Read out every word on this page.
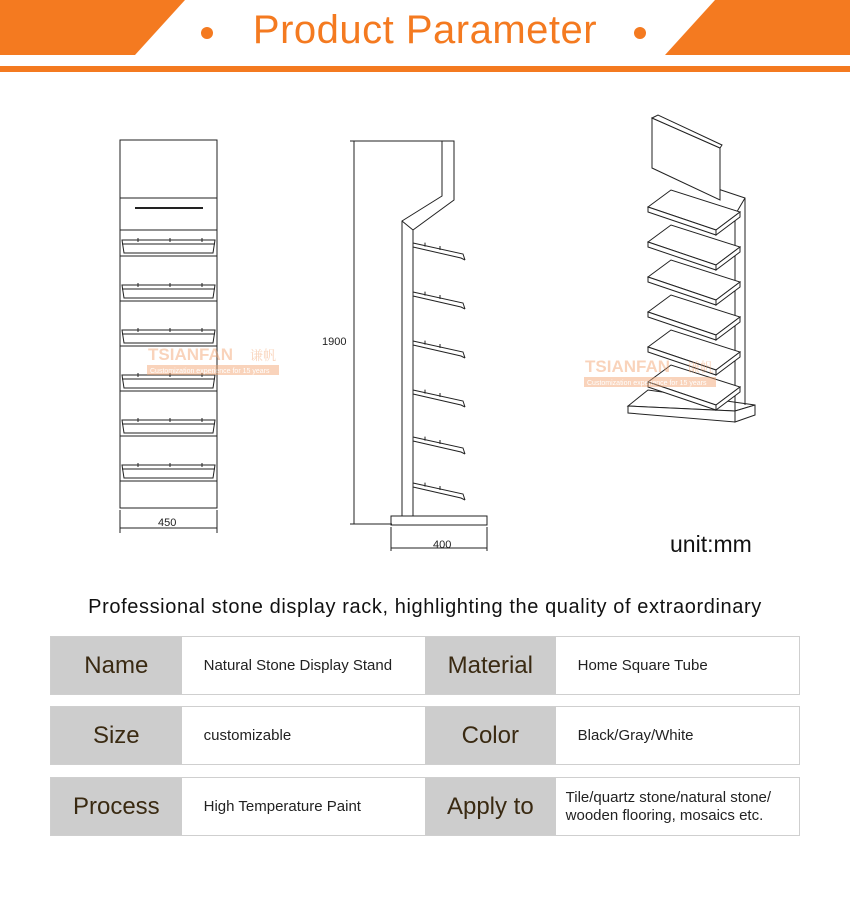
Product Parameter
450
1900
400
TSIANFAN 谦帆
Customization experience for 15 years	TSIANFAN 谦帆
Customization experience for 15 years
unit:mm
Professional stone display rack, highlighting the quality of extraordinary
Name	Natural Stone Display Stand	Material	Home Square Tube
Size	customizable	Color	Black/Gray/White
Process	High Temperature Paint	Apply to	Tile/quartz stone/natural stone/
wooden flooring, mosaics etc.
